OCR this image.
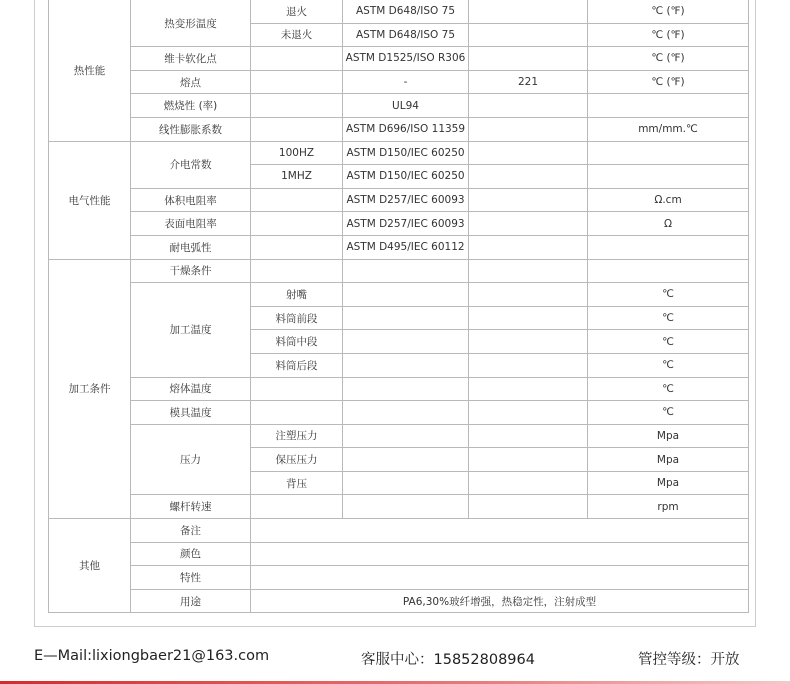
热性能	热变形温度	退火	ASTM D648/ISO 75		℃ (℉)
		未退火	ASTM D648/ISO 75		℃ (℉)
	维卡软化点		ASTM D1525/ISO R306		℃ (℉)
	熔点		-	221	℃ (℉)
	燃烧性 (率)		UL94		
	线性膨胀系数		ASTM D696/ISO 11359		mm/mm.℃
电气性能	介电常数	100HZ	ASTM D150/IEC 60250		
		1MHZ	ASTM D150/IEC 60250		
	体积电阻率		ASTM D257/IEC 60093		Ω.cm
	表面电阻率		ASTM D257/IEC 60093		Ω
	耐电弧性		ASTM D495/IEC 60112		
加工条件	干燥条件				
	加工温度	射嘴			℃
		料筒前段			℃
		料筒中段			℃
		料筒后段			℃
	熔体温度				℃
	模具温度				℃
	压力	注塑压力			Mpa
		保压压力			Mpa
		背压			Mpa
	螺杆转速				rpm
其他	备注				
	颜色				
	特性				
	用途	PA6,30%玻纤增强，热稳定性，注射成型			
E—Mail:lixiongbaer21@163.com	客服中心：15852808964	管控等级：开放
